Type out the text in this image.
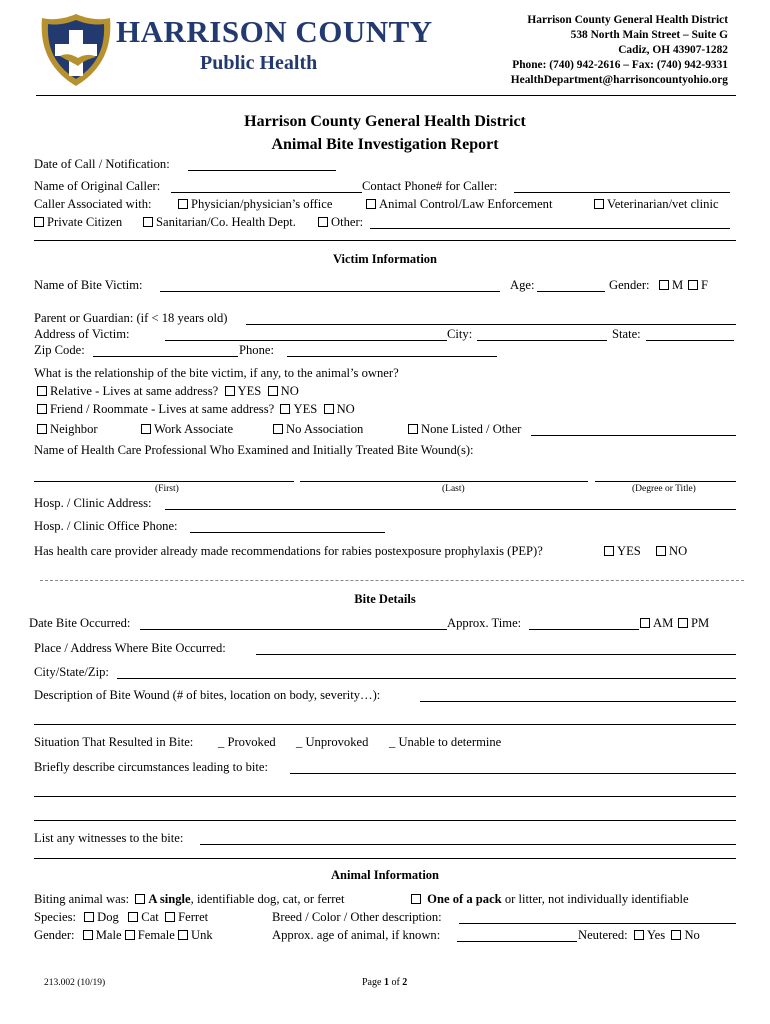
HARRISON COUNTY
Public Health
Harrison County General Health District
538 North Main Street – Suite G
Cadiz, OH 43907-1282
Phone: (740) 942-2616 – Fax: (740) 942-9331
HealthDepartment@harrisoncountyohio.org
Harrison County General Health District
Animal Bite Investigation Report
Date of Call / Notification:
Name of Original Caller:	Contact Phone# for Caller:
Caller Associated with:	Physician/physician’s office	Animal Control/Law Enforcement	Veterinarian/vet clinic
Private Citizen	Sanitarian/Co. Health Dept.	Other:
Victim Information
Name of Bite Victim:	Age:	Gender:	M	F
Parent or Guardian: (if < 18 years old)
Address of Victim:	City:	State:
Zip Code:	Phone:
What is the relationship of the bite victim, if any, to the animal’s owner?
Relative - Lives at same address? YES NO
Friend / Roommate - Lives at same address? YES NO
Neighbor	Work Associate	No Association	None Listed / Other
Name of Health Care Professional Who Examined and Initially Treated Bite Wound(s):
(First)	(Last)	(Degree or Title)
Hosp. / Clinic Address:
Hosp. / Clinic Office Phone:
Has health care provider already made recommendations for rabies postexposure prophylaxis (PEP)?	YES	NO
Bite Details
Date Bite Occurred:	Approx. Time:	AM	PM
Place / Address Where Bite Occurred:
City/State/Zip:
Description of Bite Wound (# of bites, location on body, severity…):
Situation That Resulted in Bite: _ Provoked _ Unprovoked _ Unable to determine
Briefly describe circumstances leading to bite:
List any witnesses to the bite:
Animal Information
Biting animal was: A single, identifiable dog, cat, or ferret	One of a pack or litter, not individually identifiable
Species: Dog Cat Ferret	Breed / Color / Other description:
Gender: Male Female Unk	Approx. age of animal, if known:	Neutered: Yes No
213.002 (10/19)	Page 1 of 2
